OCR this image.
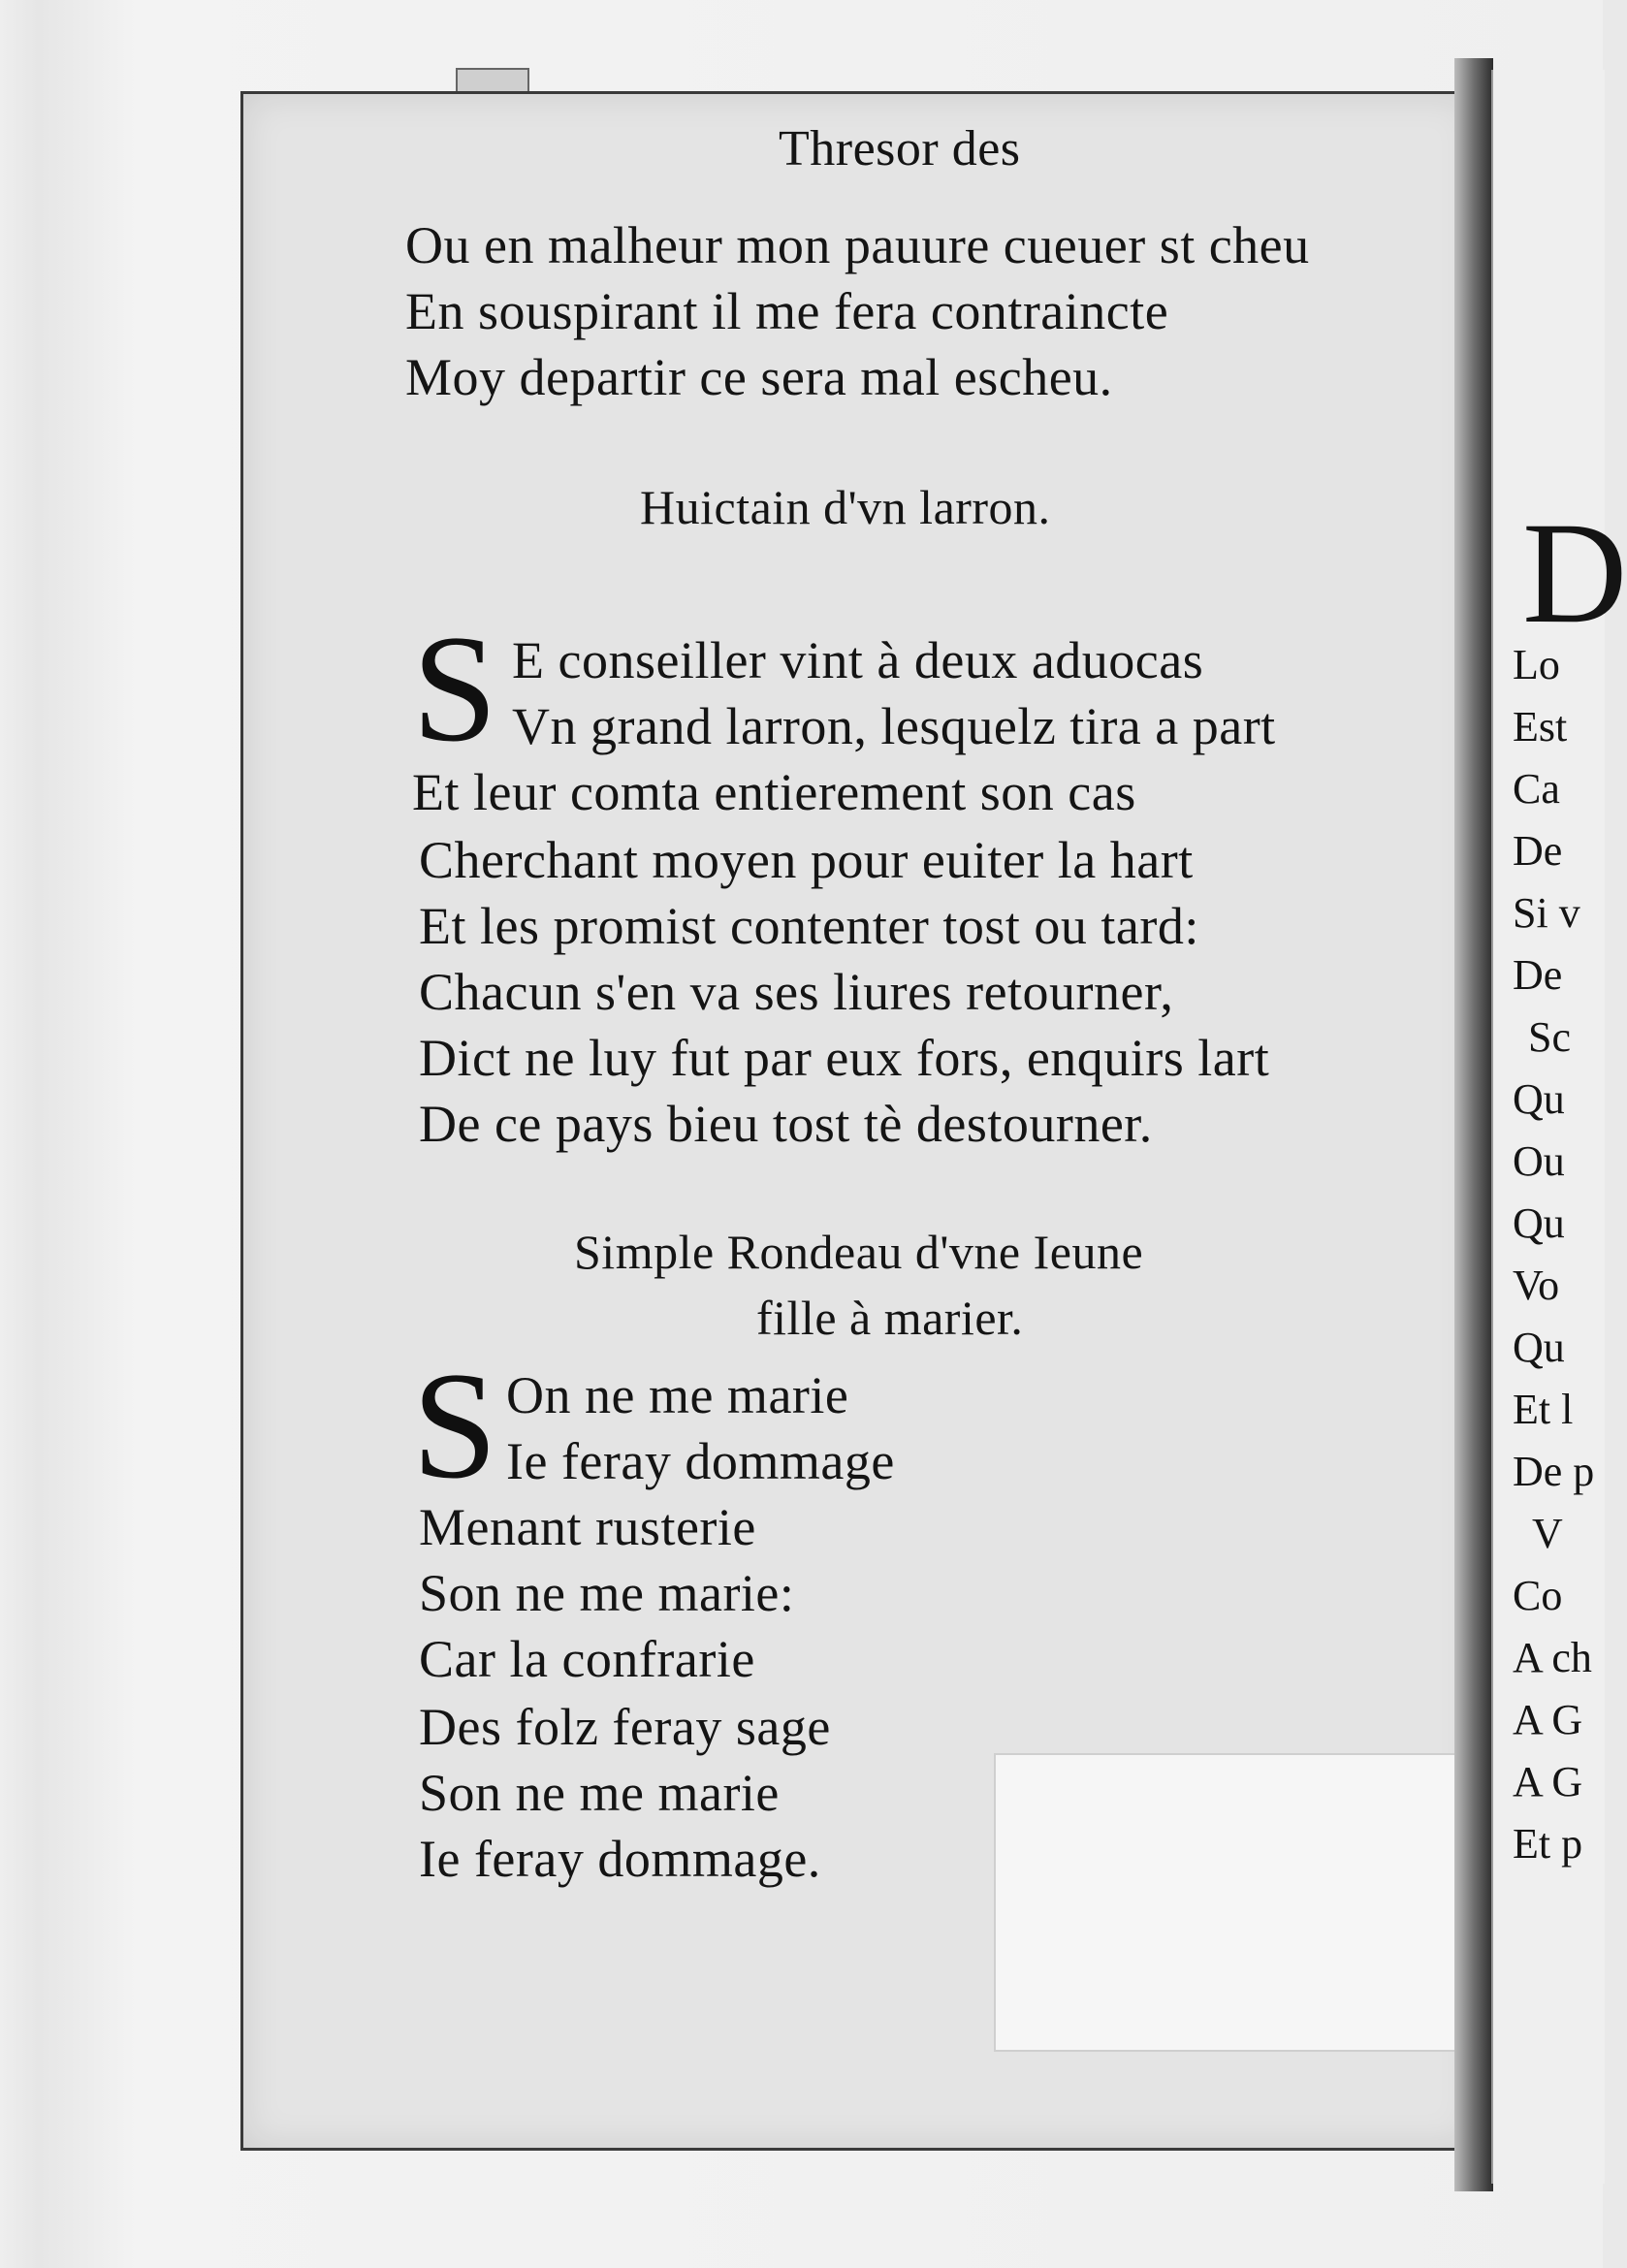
Thresor des
Ou en malheur mon pauure cueuer st cheu
En souspirant il me fera contraincte
Moy departir ce sera mal escheu.
Huictain d'vn larron.
S E conseiller vint à deux aduocas
Vn grand larron, lesquelz tira a part
Et leur comta entierement son cas
Cherchant moyen pour euiter la hart
Et les promist contenter tost ou tard:
Chacun s'en va ses liures retourner,
Dict ne luy fut par eux fors, enquirs lart
De ce pays bieu tost tè destourner.
Simple Rondeau d'vne Ieune
fille à marier.
S On ne me marie
Ie feray dommage
Menant rusterie
Son ne me marie:
Car la confrarie
Des folz feray sage
Son ne me marie
Ie feray dommage.
D
Lo
Est
Ca
De
Si v
De
Sc
Qu
Ou
Qu
Vo
Qu
Et l
De p
V
Co
A ch
A G
A G
Et p
